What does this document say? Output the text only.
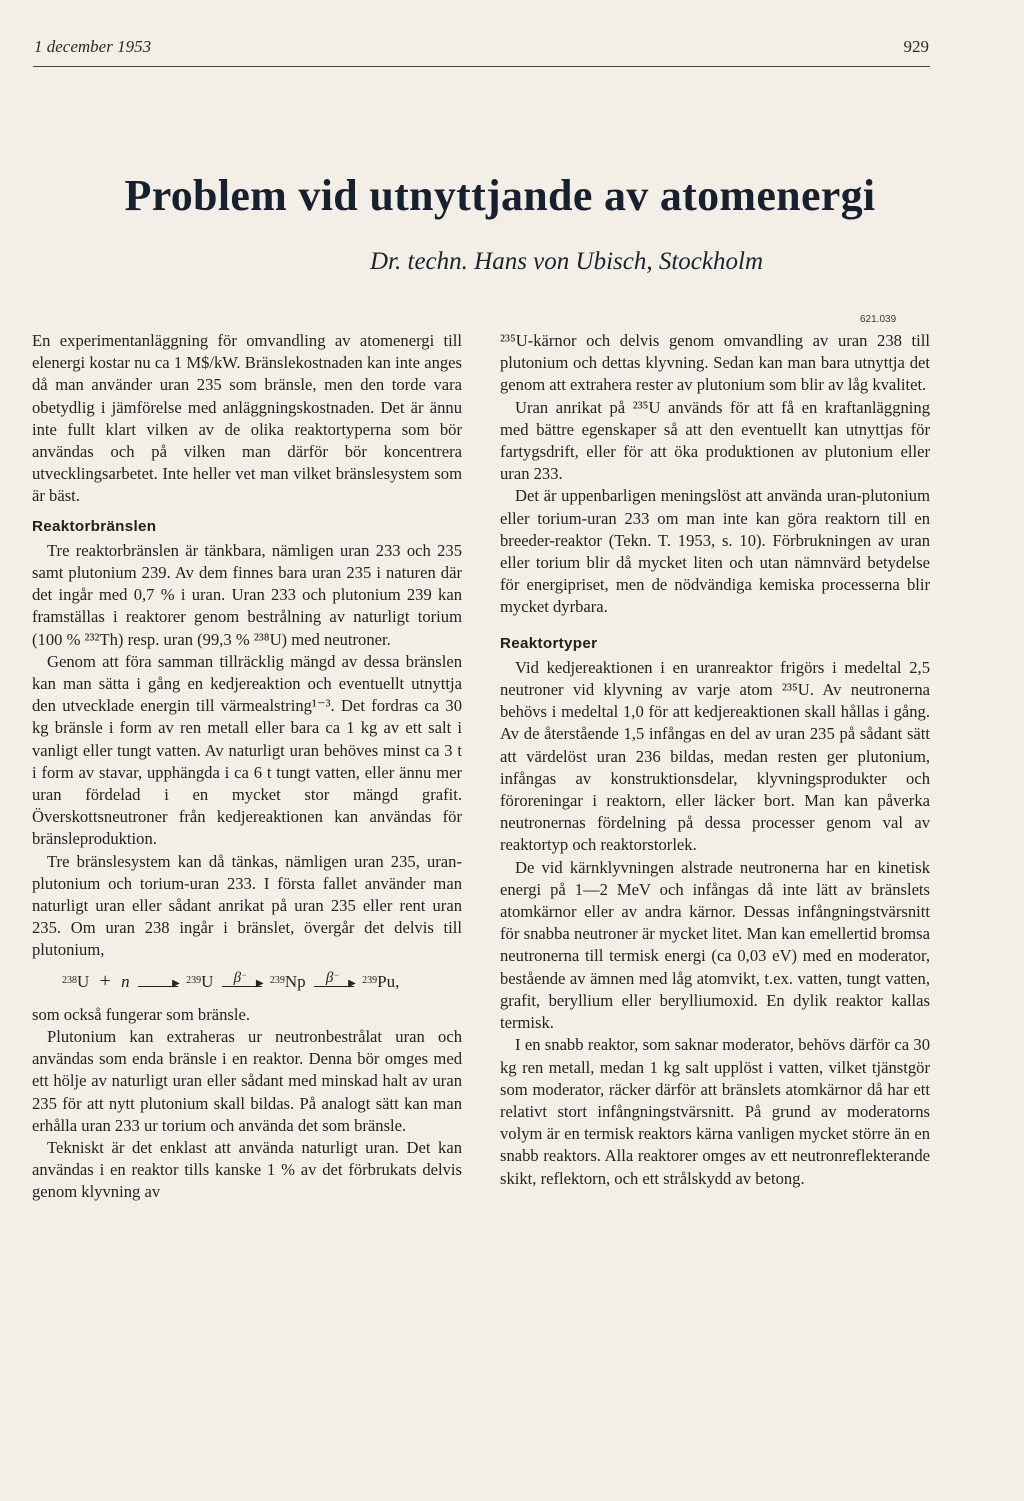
1 december 1953	929
Problem vid utnyttjande av atomenergi
Dr. techn. Hans von Ubisch, Stockholm
621.039

En experimentanläggning för omvandling av atomenergi till elenergi kostar nu ca 1 M$/kW. Bränslekostnaden kan inte anges då man använder uran 235 som bränsle, men den torde vara obetydlig i jämförelse med anläggningskostnaden. Det är ännu inte fullt klart vilken av de olika reaktortyperna som bör användas och på vilken man därför bör koncentrera utvecklingsarbetet. Inte heller vet man vilket bränslesystem som är bäst.

Reaktorbränslen

Tre reaktorbränslen är tänkbara, nämligen uran 233 och 235 samt plutonium 239. Av dem finnes bara uran 235 i naturen där det ingår med 0,7 % i uran. Uran 233 och plutonium 239 kan framställas i reaktorer genom bestrålning av naturligt torium (100 % ²³²Th) resp. uran (99,3 % ²³⁸U) med neutroner.

Genom att föra samman tillräcklig mängd av dessa bränslen kan man sätta i gång en kedjereaktion och eventuellt utnyttja den utvecklade energin till värmealstring¹⁻³. Det fordras ca 30 kg bränsle i form av ren metall eller bara ca 1 kg av ett salt i vanligt eller tungt vatten. Av naturligt uran behöves minst ca 3 t i form av stavar, upphängda i ca 6 t tungt vatten, eller ännu mer uran fördelad i en mycket stor mängd grafit. Överskottsneutroner från kedjereaktionen kan användas för bränsleproduktion.

Tre bränslesystem kan då tänkas, nämligen uran 235, uran-plutonium och torium-uran 233. I första fallet använder man naturligt uran eller sådant anrikat på uran 235 eller rent uran 235. Om uran 238 ingår i bränslet, övergår det delvis till plutonium,

$^{238}$U + n	▶ $^{239}$U β−
▶ $^{239}$Np β−
▶ $^{239}$Pu,

som också fungerar som bränsle.

Plutonium kan extraheras ur neutronbestrålat uran och användas som enda bränsle i en reaktor. Denna bör omges med ett hölje av naturligt uran eller sådant med minskad halt av uran 235 för att nytt plutonium skall bildas. På analogt sätt kan man erhålla uran 233 ur torium och använda det som bränsle.

Tekniskt är det enklast att använda naturligt uran. Det kan användas i en reaktor tills kanske 1 % av det förbrukats delvis genom klyvning av

²³⁵U-kärnor och delvis genom omvandling av uran 238 till plutonium och dettas klyvning. Sedan kan man bara utnyttja det genom att extrahera rester av plutonium som blir av låg kvalitet.

Uran anrikat på ²³⁵U används för att få en kraftanläggning med bättre egenskaper så att den eventuellt kan utnyttjas för fartygsdrift, eller för att öka produktionen av plutonium eller uran 233.

Det är uppenbarligen meningslöst att använda uran-plutonium eller torium-uran 233 om man inte kan göra reaktorn till en breeder-reaktor (Tekn. T. 1953, s. 10). Förbrukningen av uran eller torium blir då mycket liten och utan nämnvärd betydelse för energipriset, men de nödvändiga kemiska processerna blir mycket dyrbara.

Reaktortyper

Vid kedjereaktionen i en uranreaktor frigörs i medeltal 2,5 neutroner vid klyvning av varje atom ²³⁵U. Av neutronerna behövs i medeltal 1,0 för att kedjereaktionen skall hållas i gång. Av de återstående 1,5 infångas en del av uran 235 på sådant sätt att värdelöst uran 236 bildas, medan resten ger plutonium, infångas av konstruktionsdelar, klyvningsprodukter och föroreningar i reaktorn, eller läcker bort. Man kan påverka neutronernas fördelning på dessa processer genom val av reaktortyp och reaktorstorlek.

De vid kärnklyvningen alstrade neutronerna har en kinetisk energi på 1—2 MeV och infångas då inte lätt av bränslets atomkärnor eller av andra kärnor. Dessas infångningstvärsnitt för snabba neutroner är mycket litet. Man kan emellertid bromsa neutronerna till termisk energi (ca 0,03 eV) med en moderator, bestående av ämnen med låg atomvikt, t.ex. vatten, tungt vatten, grafit, beryllium eller berylliumoxid. En dylik reaktor kallas termisk.

I en snabb reaktor, som saknar moderator, behövs därför ca 30 kg ren metall, medan 1 kg salt upplöst i vatten, vilket tjänstgör som moderator, räcker därför att bränslets atomkärnor då har ett relativt stort infångningstvärsnitt. På grund av moderatorns volym är en termisk reaktors kärna vanligen mycket större än en snabb reaktors. Alla reaktorer omges av ett neutronreflekterande skikt, reflektorn, och ett strålskydd av betong.
